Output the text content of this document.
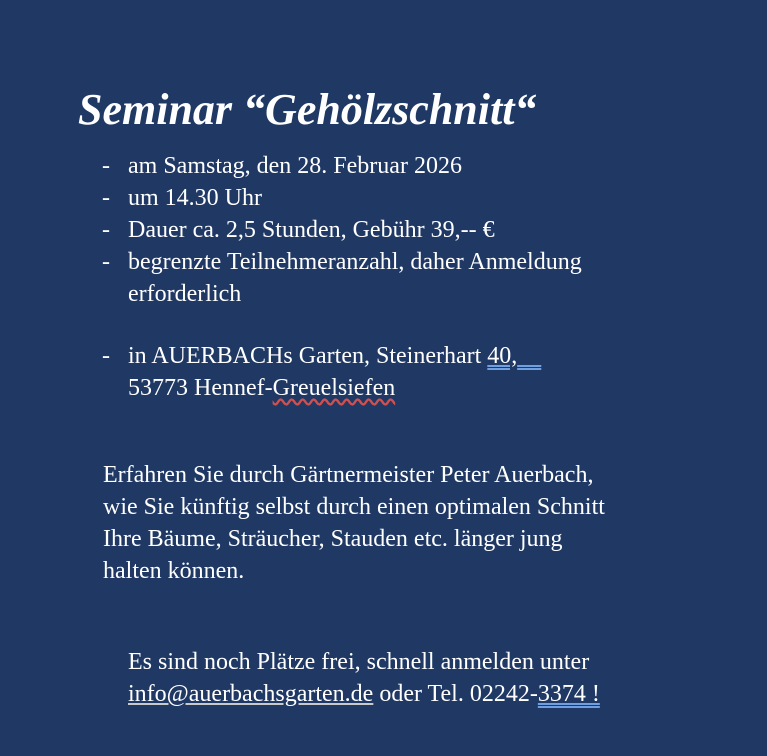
Seminar “Gehölzschnitt“
- am Samstag, den 28. Februar 2026
- um 14.30 Uhr
- Dauer ca. 2,5 Stunden, Gebühr 39,-- €
- begrenzte Teilnehmeranzahl, daher Anmeldung
erforderlich
- in AUERBACHs Garten, Steinerhart 40,
53773 Hennef-Greuelsiefen
Erfahren Sie durch Gärtnermeister Peter Auerbach,
wie Sie künftig selbst durch einen optimalen Schnitt
Ihre Bäume, Sträucher, Stauden etc. länger jung
halten können.
Es sind noch Plätze frei, schnell anmelden unter
info@auerbachsgarten.de oder Tel. 02242-3374 !
